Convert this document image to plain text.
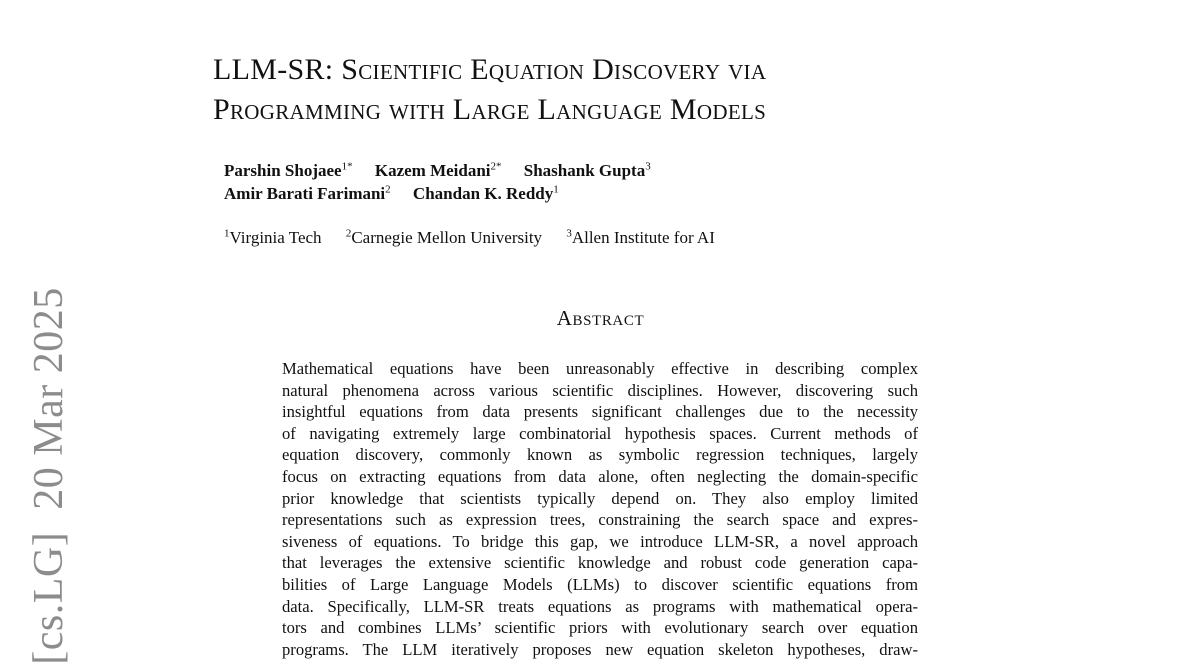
[cs.LG]20 Mar 2025
LLM-SR: Scientific Equation Discovery via
Programming with Large Language Models
Parshin Shojaee$^{1*}$ Kazem Meidani$^{2*}$ Shashank Gupta$^3$
Amir Barati Farimani$^2$ Chandan K. Reddy$^1$
$^1$Virginia Tech $^2$Carnegie Mellon University $^3$Allen Institute for AI
Abstract
Mathematical equations have been unreasonably effective in describing complex
natural phenomena across various scientific disciplines. However, discovering such
insightful equations from data presents significant challenges due to the necessity
of navigating extremely large combinatorial hypothesis spaces. Current methods of
equation discovery, commonly known as symbolic regression techniques, largely
focus on extracting equations from data alone, often neglecting the domain-specific
prior knowledge that scientists typically depend on. They also employ limited
representations such as expression trees, constraining the search space and expres-
siveness of equations. To bridge this gap, we introduce LLM-SR, a novel approach
that leverages the extensive scientific knowledge and robust code generation capa-
bilities of Large Language Models (LLMs) to discover scientific equations from
data. Specifically, LLM-SR treats equations as programs with mathematical opera-
tors and combines LLMs’ scientific priors with evolutionary search over equation
programs. The LLM iteratively proposes new equation skeleton hypotheses, draw-
